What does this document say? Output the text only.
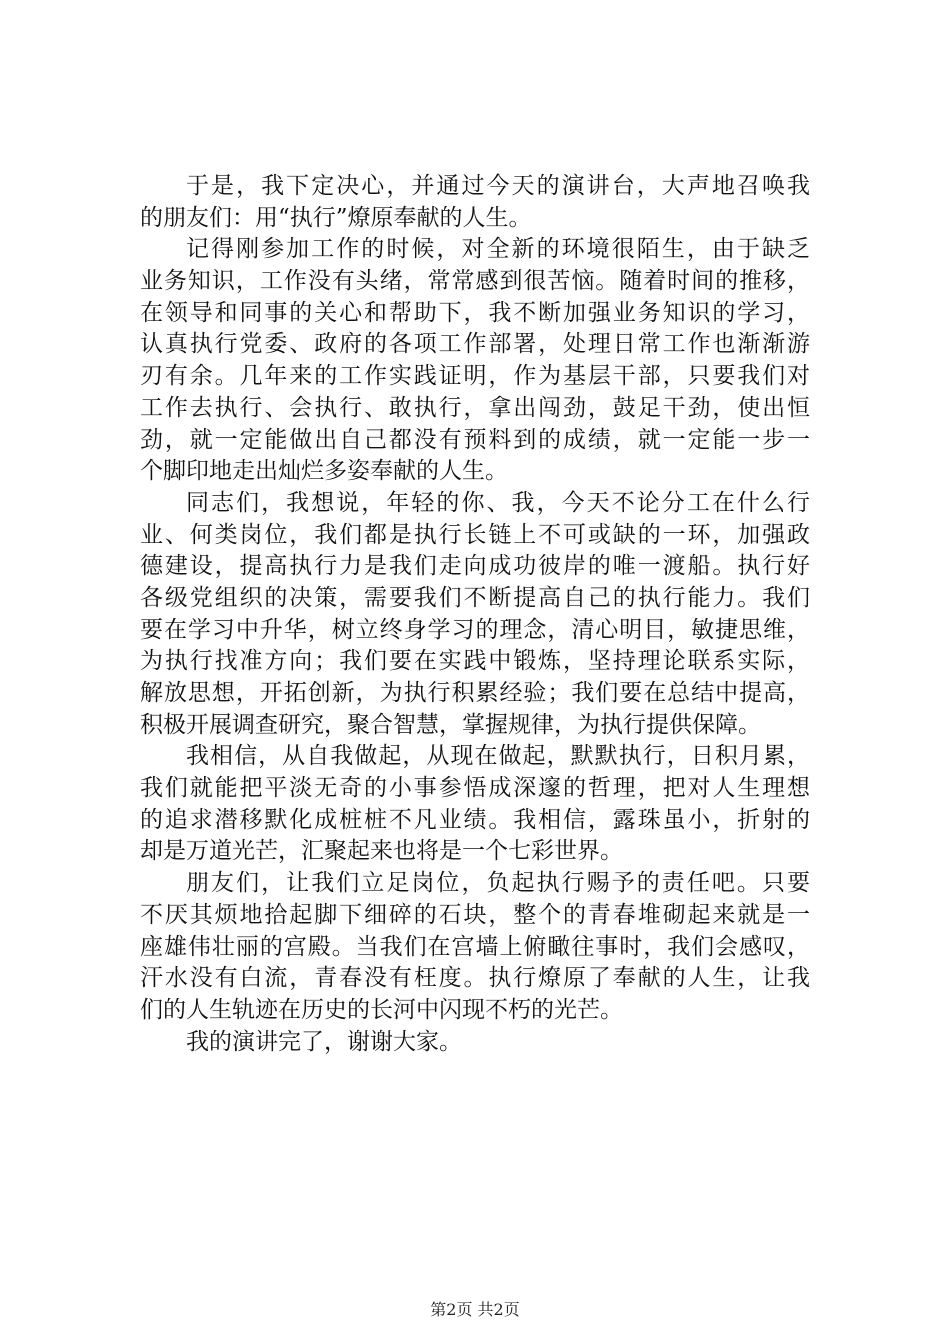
于是，我下定决心，并通过今天的演讲台，大声地召唤我
的朋友们：用“执行”燎原奉献的人生。
记得刚参加工作的时候，对全新的环境很陌生，由于缺乏
业务知识，工作没有头绪，常常感到很苦恼。随着时间的推移，
在领导和同事的关心和帮助下，我不断加强业务知识的学习，
认真执行党委、政府的各项工作部署，处理日常工作也渐渐游
刃有余。几年来的工作实践证明，作为基层干部，只要我们对
工作去执行、会执行、敢执行，拿出闯劲，鼓足干劲，使出恒
劲，就一定能做出自己都没有预料到的成绩，就一定能一步一
个脚印地走出灿烂多姿奉献的人生。
同志们，我想说，年轻的你、我，今天不论分工在什么行
业、何类岗位，我们都是执行长链上不可或缺的一环，加强政
德建设，提高执行力是我们走向成功彼岸的唯一渡船。执行好
各级党组织的决策，需要我们不断提高自己的执行能力。我们
要在学习中升华，树立终身学习的理念，清心明目，敏捷思维，
为执行找准方向；我们要在实践中锻炼，坚持理论联系实际，
解放思想，开拓创新，为执行积累经验；我们要在总结中提高，
积极开展调查研究，聚合智慧，掌握规律，为执行提供保障。
我相信，从自我做起，从现在做起，默默执行，日积月累，
我们就能把平淡无奇的小事参悟成深邃的哲理，把对人生理想
的追求潜移默化成桩桩不凡业绩。我相信，露珠虽小，折射的
却是万道光芒，汇聚起来也将是一个七彩世界。
朋友们，让我们立足岗位，负起执行赐予的责任吧。只要
不厌其烦地拾起脚下细碎的石块，整个的青春堆砌起来就是一
座雄伟壮丽的宫殿。当我们在宫墙上俯瞰往事时，我们会感叹，
汗水没有白流，青春没有枉度。执行燎原了奉献的人生，让我
们的人生轨迹在历史的长河中闪现不朽的光芒。
我的演讲完了，谢谢大家。
第2页 共2页
